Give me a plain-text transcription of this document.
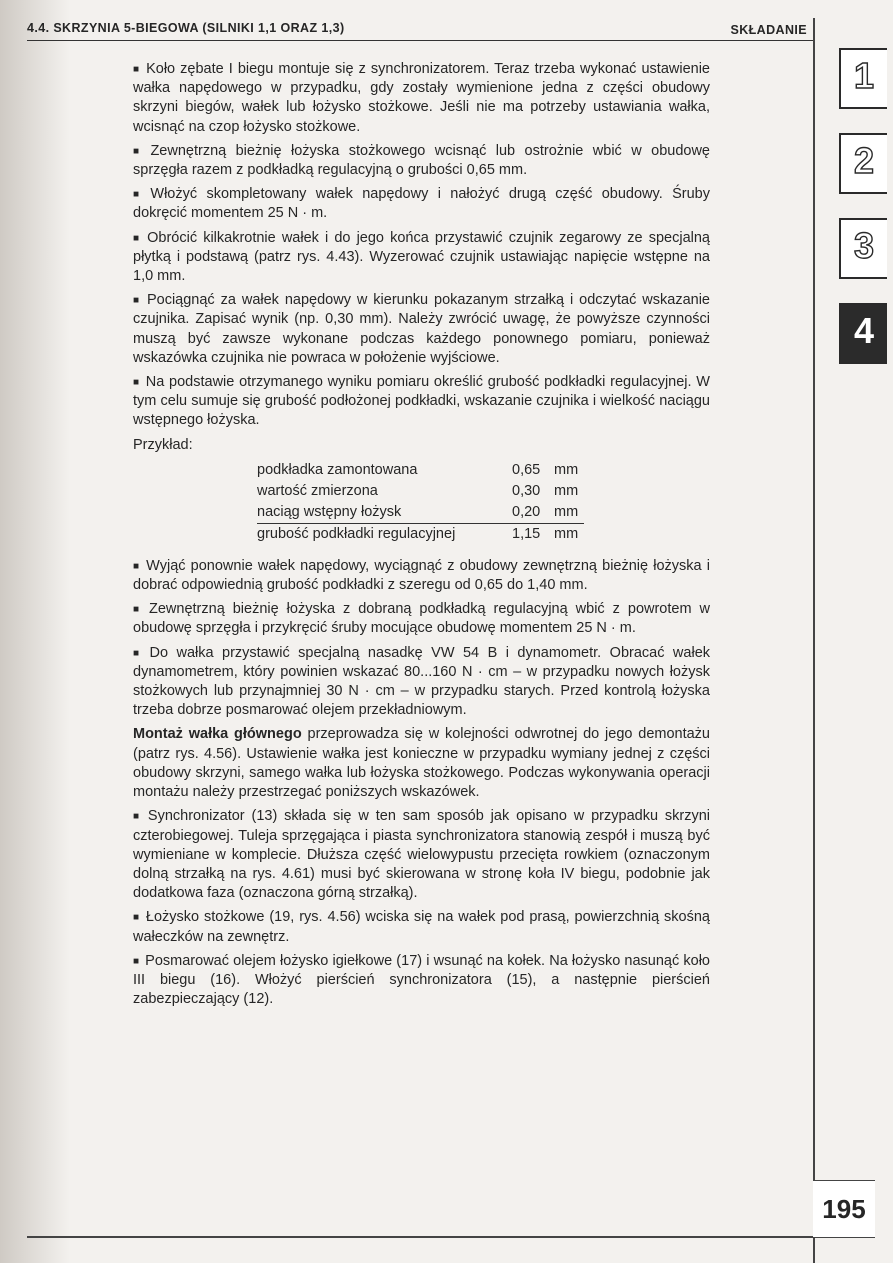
4.4. SKRZYNIA 5-BIEGOWA (SILNIKI 1,1 ORAZ 1,3)	SKŁADANIE
1
2
3
4

■ Koło zębate I biegu montuje się z synchronizatorem. Teraz trzeba wykonać ustawienie wałka napędowego w przypadku, gdy zostały wymienione jedna z części obudowy skrzyni biegów, wałek lub łożysko stożkowe. Jeśli nie ma potrzeby ustawiania wałka, wcisnąć na czop łożysko stożkowe.

■ Zewnętrzną bieżnię łożyska stożkowego wcisnąć lub ostrożnie wbić w obudowę sprzęgła razem z podkładką regulacyjną o grubości 0,65 mm.

■ Włożyć skompletowany wałek napędowy i nałożyć drugą część obudowy. Śruby dokręcić momentem 25 N · m.

■ Obrócić kilkakrotnie wałek i do jego końca przystawić czujnik zegarowy ze specjalną płytką i podstawą (patrz rys. 4.43). Wyzerować czujnik ustawiając napięcie wstępne na 1,0 mm.

■ Pociągnąć za wałek napędowy w kierunku pokazanym strzałką i odczytać wskazanie czujnika. Zapisać wynik (np. 0,30 mm). Należy zwrócić uwagę, że powyższe czynności muszą być zawsze wykonane podczas każdego ponownego pomiaru, ponieważ wskazówka czujnika nie powraca w położenie wyjściowe.

■ Na podstawie otrzymanego wyniku pomiaru określić grubość podkładki regulacyjnej. W tym celu sumuje się grubość podłożonej podkładki, wskazanie czujnika i wielkość naciągu wstępnego łożyska.

Przykład:

podkładka zamontowana	0,65	mm
wartość zmierzona	0,30	mm
naciąg wstępny łożysk	0,20	mm
grubość podkładki regulacyjnej	1,15	mm

■ Wyjąć ponownie wałek napędowy, wyciągnąć z obudowy zewnętrzną bieżnię łożyska i dobrać odpowiednią grubość podkładki z szeregu od 0,65 do 1,40 mm.

■ Zewnętrzną bieżnię łożyska z dobraną podkładką regulacyjną wbić z powrotem w obudowę sprzęgła i przykręcić śruby mocujące obudowę momentem 25 N · m.

■ Do wałka przystawić specjalną nasadkę VW 54 B i dynamometr. Obracać wałek dynamometrem, który powinien wskazać 80...160 N · cm – w przypadku nowych łożysk stożkowych lub przynajmniej 30 N · cm – w przypadku starych. Przed kontrolą łożyska trzeba dobrze posmarować olejem przekładniowym.

Montaż wałka głównego przeprowadza się w kolejności odwrotnej do jego demontażu (patrz rys. 4.56). Ustawienie wałka jest konieczne w przypadku wymiany jednej z części obudowy skrzyni, samego wałka lub łożyska stożkowego. Podczas wykonywania operacji montażu należy przestrzegać poniższych wskazówek.

■ Synchronizator (13) składa się w ten sam sposób jak opisano w przypadku skrzyni czterobiegowej. Tuleja sprzęgająca i piasta synchronizatora stanowią zespół i muszą być wymieniane w komplecie. Dłuższa część wielowypustu przecięta rowkiem (oznaczonym dolną strzałką na rys. 4.61) musi być skierowana w stronę koła IV biegu, podobnie jak dodatkowa faza (oznaczona górną strzałką).

■ Łożysko stożkowe (19, rys. 4.56) wciska się na wałek pod prasą, powierzchnią skośną wałeczków na zewnętrz.

■ Posmarować olejem łożysko igiełkowe (17) i wsunąć na kołek. Na łożysko nasunąć koło III biegu (16). Włożyć pierścień synchronizatora (15), a następnie pierścień zabezpieczający (12).

195
